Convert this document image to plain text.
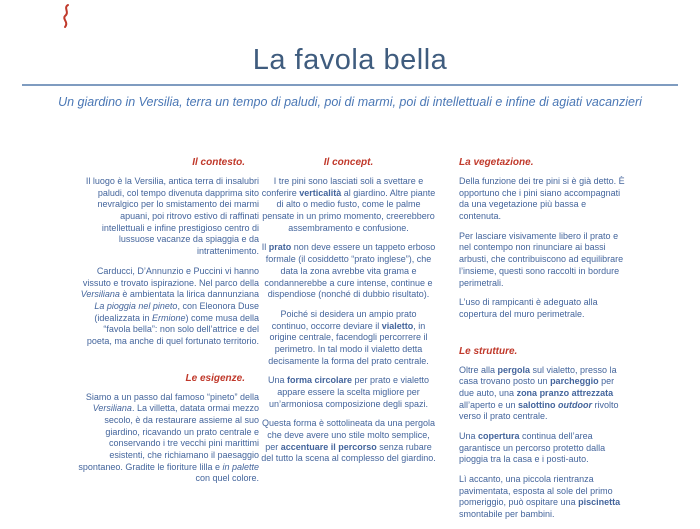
La favola bella
Un giardino in Versilia, terra un tempo di paludi, poi di marmi, poi di intellettuali e infine di agiati vacanzieri
Il contesto.

Il luogo è la Versilia, antica terra di insalubri paludi, col tempo divenuta dapprima sito nevralgico per lo smistamento dei marmi apuani, poi ritrovo estivo di raffinati intellettuali e infine prestigioso centro di lussuose vacanze da spiaggia e da intrattenimento.

Carducci, D’Annunzio e Puccini vi hanno vissuto e trovato ispirazione. Nel parco della Versiliana è ambientata la lirica dannunziana La pioggia nel pineto, con Eleonora Duse (idealizzata in Ermione) come musa della “favola bella”: non solo dell’attrice e del poeta, ma anche di quel fortunato territorio.

Le esigenze.

Siamo a un passo dal famoso “pineto” della Versiliana. La villetta, datata ormai mezzo secolo, è da restaurare assieme al suo giardino, ricavando un prato centrale e conservando i tre vecchi pini marittimi esistenti, che richiamano il paesaggio spontaneo. Gradite le fioriture lilla e in palette con quel colore.

Il concept.

I tre pini sono lasciati soli a svettare e conferire verticalità al giardino. Altre piante di alto o medio fusto, come le palme pensate in un primo momento, creerebbero assembramento e confusione.

Il prato non deve essere un tappeto erboso formale (il cosiddetto “prato inglese”), che data la zona avrebbe vita grama e condannerebbe a cure intense, continue e dispendiose (nonché di dubbio risultato).

Poiché si desidera un ampio prato continuo, occorre deviare il vialetto, in origine centrale, facendogli percorrere il perimetro. In tal modo il vialetto detta decisamente la forma del prato centrale.

Una forma circolare per prato e vialetto appare essere la scelta migliore per un’armoniosa composizione degli spazi.

Questa forma è sottolineata da una pergola che deve avere uno stile molto semplice, per accentuare il percorso senza rubare del tutto la scena al complesso del giardino.

La vegetazione.

Della funzione dei tre pini si è già detto. È opportuno che i pini siano accompagnati da una vegetazione più bassa e contenuta.

Per lasciare visivamente libero il prato e nel contempo non rinunciare ai bassi arbusti, che contribuiscono ad equilibrare l’insieme, questi sono raccolti in bordure perimetrali.

L’uso di rampicanti è adeguato alla copertura del muro perimetrale.

Le strutture.

Oltre alla pergola sul vialetto, presso la casa trovano posto un parcheggio per due auto, una zona pranzo attrezzata all’aperto e un salottino outdoor rivolto verso il prato centrale.

Una copertura continua dell’area garantisce un percorso protetto dalla pioggia tra la casa e i posti-auto.

Lì accanto, una piccola rientranza pavimentata, esposta al sole del primo pomeriggio, può ospitare una piscinetta smontabile per bambini.
